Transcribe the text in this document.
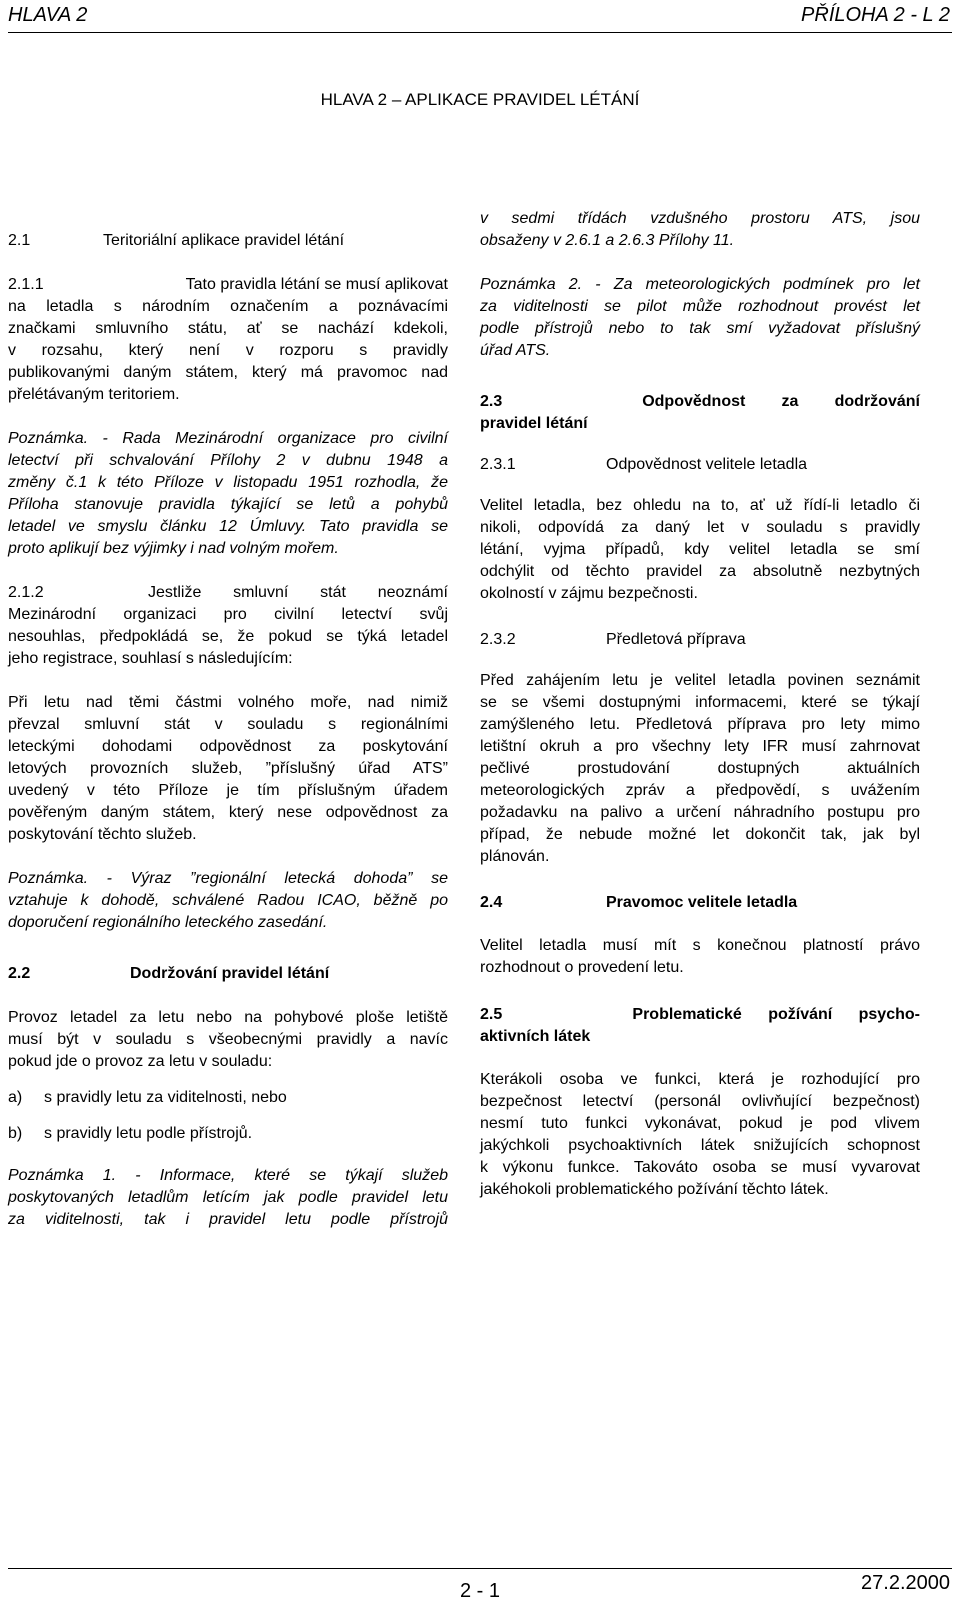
HLAVA 2	PŘÍLOHA 2 - L 2
HLAVA 2 – APLIKACE PRAVIDEL LÉTÁNÍ
2.1	Teritoriální aplikace pravidel létání
2.1.1	Tato pravidla létání se musí aplikovat
na letadla s národním označením a poznávacími
značkami smluvního státu, ať se nachází kdekoli,
v rozsahu, který není v rozporu s pravidly
publikovanými daným státem, který má pravomoc nad
přelétávaným teritoriem.
Poznámka. - Rada Mezinárodní organizace pro civilní
letectví při schvalování Přílohy 2 v dubnu 1948 a
změny č.1 k této Příloze v listopadu 1951 rozhodla, že
Příloha stanovuje pravidla týkající se letů a pohybů
letadel ve smyslu článku 12 Úmluvy. Tato pravidla se
proto aplikují bez výjimky i nad volným mořem.
2.1.2	Jestliže smluvní stát neoznámí
Mezinárodní organizaci pro civilní letectví svůj
nesouhlas, předpokládá se, že pokud se týká letadel
jeho registrace, souhlasí s následujícím:
Při letu nad těmi částmi volného moře, nad nimiž
převzal smluvní stát v souladu s regionálními
leteckými dohodami odpovědnost za poskytování
letových provozních služeb, ”příslušný úřad ATS”
uvedený v této Příloze je tím příslušným úřadem
pověřeným daným státem, který nese odpovědnost za
poskytování těchto služeb.
Poznámka. - Výraz ”regionální letecká dohoda” se
vztahuje k dohodě, schválené Radou ICAO, běžně po
doporučení regionálního leteckého zasedání.
2.2	Dodržování pravidel létání
Provoz letadel za letu nebo na pohybové ploše letiště
musí být v souladu s všeobecnými pravidly a navíc
pokud jde o provoz za letu v souladu:
a)	s pravidly letu za viditelnosti, nebo
b)	s pravidly letu podle přístrojů.
Poznámka 1. - Informace, které se týkají služeb
poskytovaných letadlům letícím jak podle pravidel letu
za viditelnosti, tak i pravidel letu podle přístrojů
v sedmi třídách vzdušného prostoru ATS, jsou
obsaženy v 2.6.1 a 2.6.3 Přílohy 11.
Poznámka 2. - Za meteorologických podmínek pro let
za viditelnosti se pilot může rozhodnout provést let
podle přístrojů nebo to tak smí vyžadovat příslušný
úřad ATS.
2.3	Odpovědnost za dodržování
pravidel létání
2.3.1	Odpovědnost velitele letadla
Velitel letadla, bez ohledu na to, ať už řídí-li letadlo či
nikoli, odpovídá za daný let v souladu s pravidly
létání, vyjma případů, kdy velitel letadla se smí
odchýlit od těchto pravidel za absolutně nezbytných
okolností v zájmu bezpečnosti.
2.3.2	Předletová příprava
Před zahájením letu je velitel letadla povinen seznámit
se se všemi dostupnými informacemi, které se týkají
zamýšleného letu. Předletová příprava pro lety mimo
letištní okruh a pro všechny lety IFR musí zahrnovat
pečlivé prostudování dostupných aktuálních
meteorologických zpráv a předpovědí, s uvážením
požadavku na palivo a určení náhradního postupu pro
případ, že nebude možné let dokončit tak, jak byl
plánován.
2.4	Pravomoc velitele letadla
Velitel letadla musí mít s konečnou platností právo
rozhodnout o provedení letu.
2.5	Problematické požívání psycho-
aktivních látek
Kterákoli osoba ve funkci, která je rozhodující pro
bezpečnost letectví (personál ovlivňující bezpečnost)
nesmí tuto funkci vykonávat, pokud je pod vlivem
jakýchkoli psychoaktivních látek snižujících schopnost
k výkonu funkce. Takováto osoba se musí vyvarovat
jakéhokoli problematického požívání těchto látek.
2 - 1	27.2.2000
